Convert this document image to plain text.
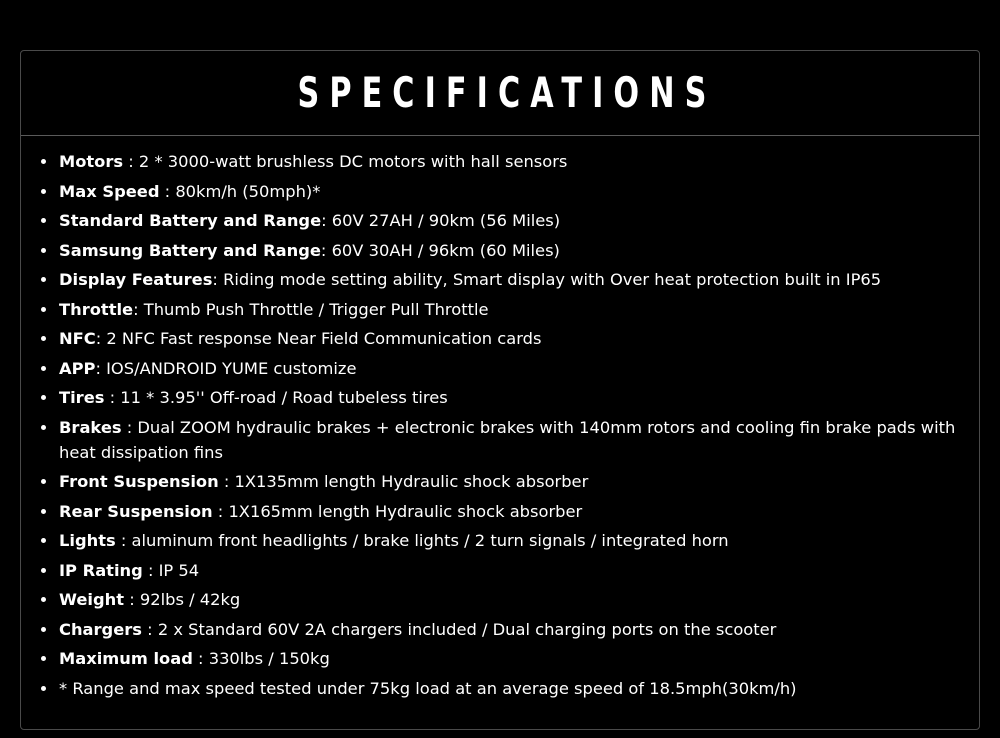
SPECIFICATIONS
Motors : 2 * 3000-watt brushless DC motors with hall sensors
Max Speed : 80km/h (50mph)*
Standard Battery and Range: 60V 27AH / 90km (56 Miles)
Samsung Battery and Range: 60V 30AH / 96km (60 Miles)
Display Features: Riding mode setting ability, Smart display with Over heat protection built in IP65
Throttle: Thumb Push Throttle / Trigger Pull Throttle
NFC: 2 NFC Fast response Near Field Communication cards
APP: IOS/ANDROID YUME customize
Tires : 11 * 3.95'' Off-road / Road tubeless tires
Brakes : Dual ZOOM hydraulic brakes + electronic brakes with 140mm rotors and cooling fin brake pads with heat dissipation fins
Front Suspension : 1X135mm length Hydraulic shock absorber
Rear Suspension : 1X165mm length Hydraulic shock absorber
Lights : aluminum front headlights / brake lights / 2 turn signals / integrated horn
IP Rating : IP 54
Weight : 92lbs / 42kg
Chargers : 2 x Standard 60V 2A chargers included / Dual charging ports on the scooter
Maximum load : 330lbs / 150kg
* Range and max speed tested under 75kg load at an average speed of 18.5mph(30km/h)
